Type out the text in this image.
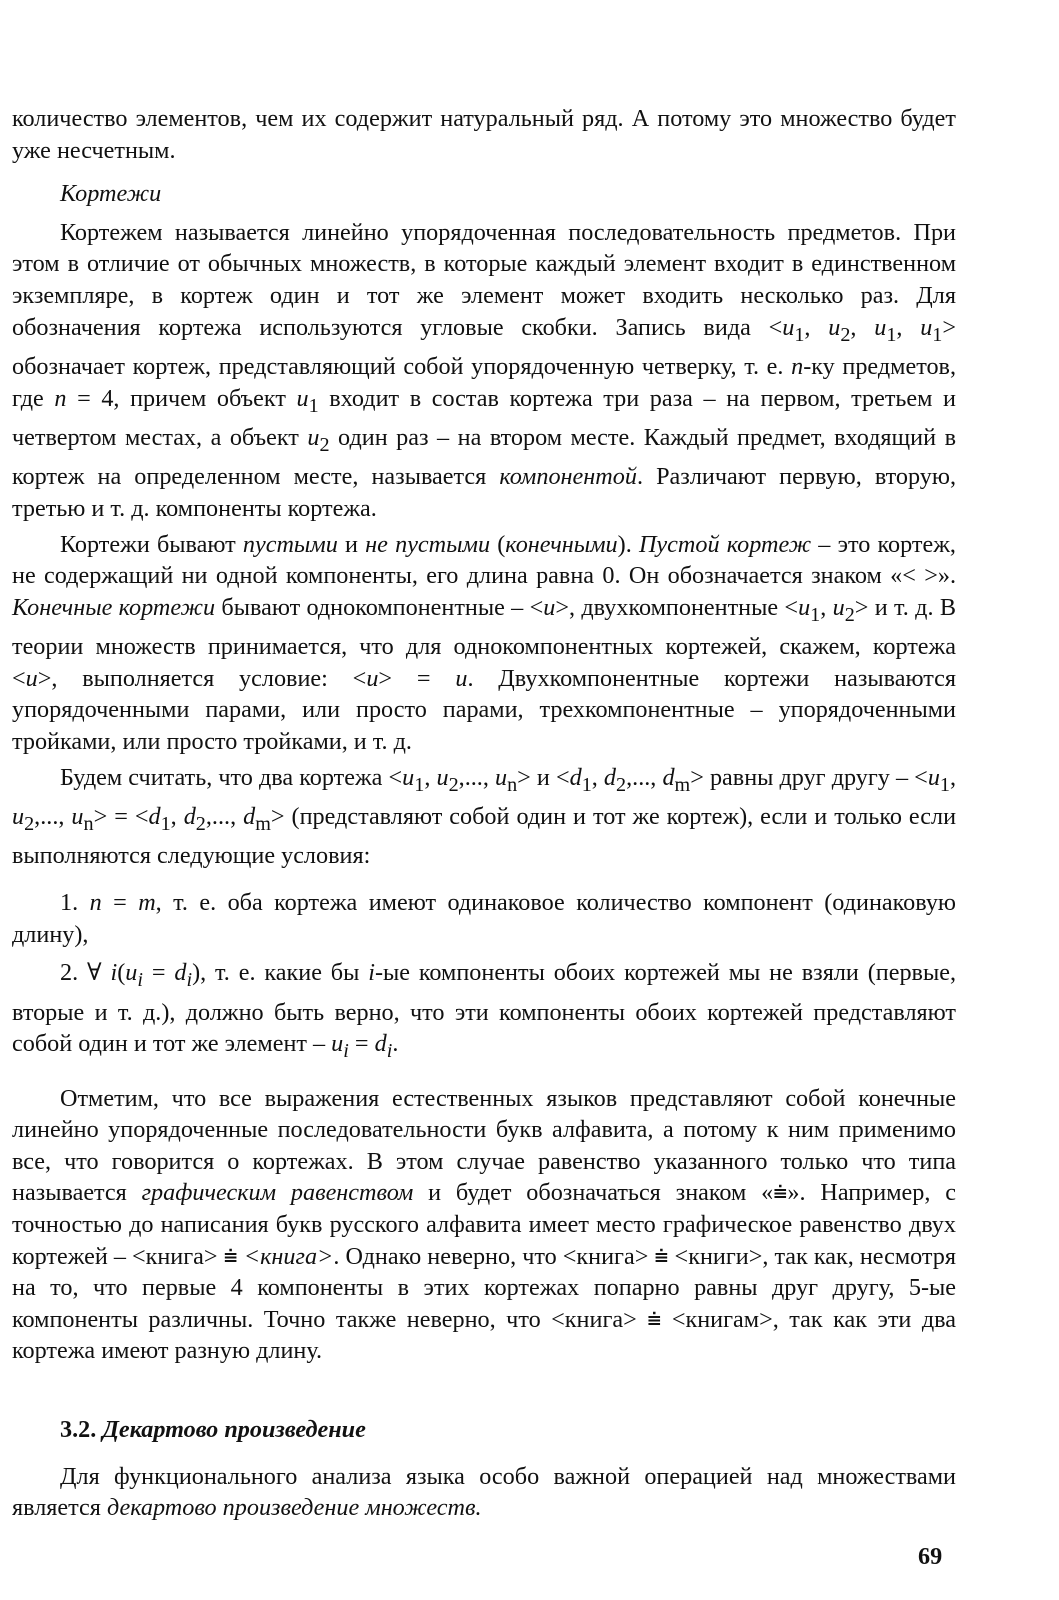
количество элементов, чем их содержит натуральный ряд. А потому это множество будет уже несчетным.

Кортежи

Кортежем называется линейно упорядоченная последовательность предметов. При этом в отличие от обычных множеств, в которые каждый элемент входит в единственном экземпляре, в кортеж один и тот же элемент может входить несколько раз. Для обозначения кортежа используются угловые скобки. Запись вида $<u_1$, $u_2$, $u_1$, $u_1>$ обозначает кортеж, представляющий собой упорядоченную четверку, т. е. n-ку предметов, где n = 4, причем объект $u_1$ входит в состав кортежа три раза – на первом, третьем и четвертом местах, а объект $u_2$ один раз – на втором месте. Каждый предмет, входящий в кортеж на определенном месте, называется компонентой. Различают первую, вторую, третью и т. д. компоненты кортежа.

Кортежи бывают пустыми и не пустыми (конечными). Пустой кортеж – это кортеж, не содержащий ни одной компоненты, его длина равна 0. Он обозначается знаком «< >». Конечные кортежи бывают однокомпонентные – <u>, двухкомпонентные $<u_1$, $u_2> и$ т. д. В теории множеств принимается, что для однокомпонентных кортежей, скажем, кортежа <u>, выполняется условие: <u> = u. Двухкомпонентные кортежи называются упорядоченными парами, или просто парами, трехкомпонентные – упорядоченными тройками, или просто тройками, и т. д.

Будем считать, что два кортежа $<u_1$, $u_2$,..., $u_n> и <d_1$, $d_2$,..., $d_m>$ равны друг другу – $<u_1$, $u_2$,..., $u_n> = <d_1$, $d_2$,..., $d_m>$ (представляют собой один и тот же кортеж), если и только если выполняются следующие условия:

1. n = m, т. е. оба кортежа имеют одинаковое количество компонент (одинаковую длину),

2. ∀ $i(u_i = d_i)$, т. е. какие бы i-ые компоненты обоих кортежей мы не взяли (первые, вторые и т. д.), должно быть верно, что эти компоненты обоих кортежей представляют собой один и тот же элемент – $u_i = d_i$.

Отметим, что все выражения естественных языков представляют собой конечные линейно упорядоченные последовательности букв алфавита, а потому к ним применимо все, что говорится о кортежах. В этом случае равенство указанного только что типа называется графическим равенством и будет обозначаться знаком «⩧». Например, с точностью до написания букв русского алфавита имеет место графическое равенство двух кортежей – <книга> ⩧ <книга>. Однако неверно, что <книга> ⩧ <книги>, так как, несмотря на то, что первые 4 компоненты в этих кортежах попарно равны друг другу, 5-ые компоненты различны. Точно также неверно, что <книга> ⩧ <книгам>, так как эти два кортежа имеют разную длину.

3.2. Декартово произведение

Для функционального анализа языка особо важной операцией над множествами является декартово произведение множеств.

69
